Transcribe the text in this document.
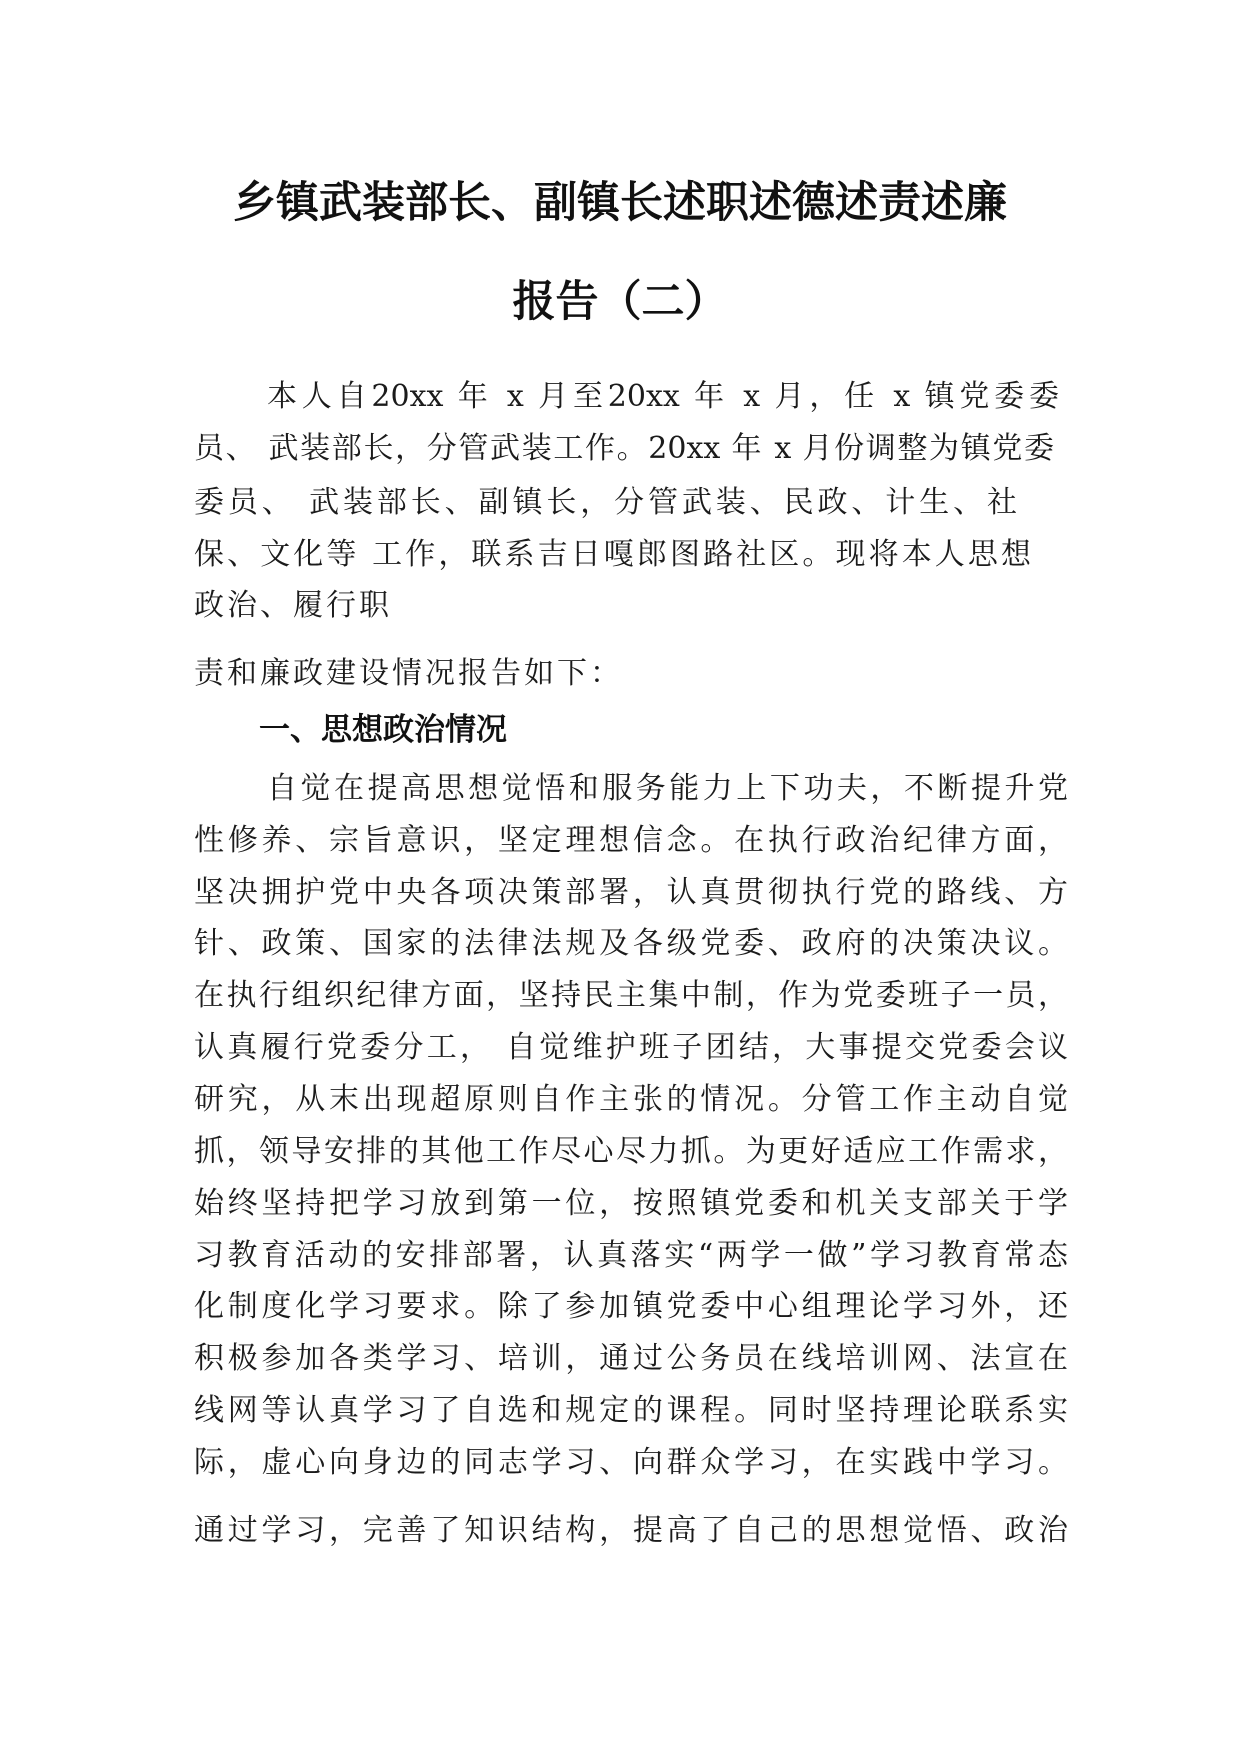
乡镇武装部长、副镇长述职述德述责述廉
报告（二）
本人自20xx 年 x 月至20xx 年 x 月，任 x 镇党委委
员、 武装部长，分管武装工作。20xx 年 x 月份调整为镇党委
委员、 武装部长、副镇长，分管武装、民政、计生、社
保、文化等 工作，联系吉日嘎郎图路社区。现将本人思想
政治、履行职
责和廉政建设情况报告如下：
一、思想政治情况
自觉在提高思想觉悟和服务能力上下功夫，不断提升党
性修养、宗旨意识，坚定理想信念。在执行政治纪律方面，
坚决拥护党中央各项决策部署，认真贯彻执行党的路线、方
针、政策、国家的法律法规及各级党委、政府的决策决议。
在执行组织纪律方面，坚持民主集中制，作为党委班子一员，
认真履行党委分工， 自觉维护班子团结，大事提交党委会议
研究，从末出现超原则自作主张的情况。分管工作主动自觉
抓，领导安排的其他工作尽心尽力抓。为更好适应工作需求，
始终坚持把学习放到第一位，按照镇党委和机关支部关于学
习教育活动的安排部署，认真落实“两学一做”学习教育常态
化制度化学习要求。除了参加镇党委中心组理论学习外，还
积极参加各类学习、培训，通过公务员在线培训网、法宣在
线网等认真学习了自选和规定的课程。同时坚持理论联系实
际，虚心向身边的同志学习、向群众学习，在实践中学习。
通过学习，完善了知识结构，提高了自己的思想觉悟、政治
